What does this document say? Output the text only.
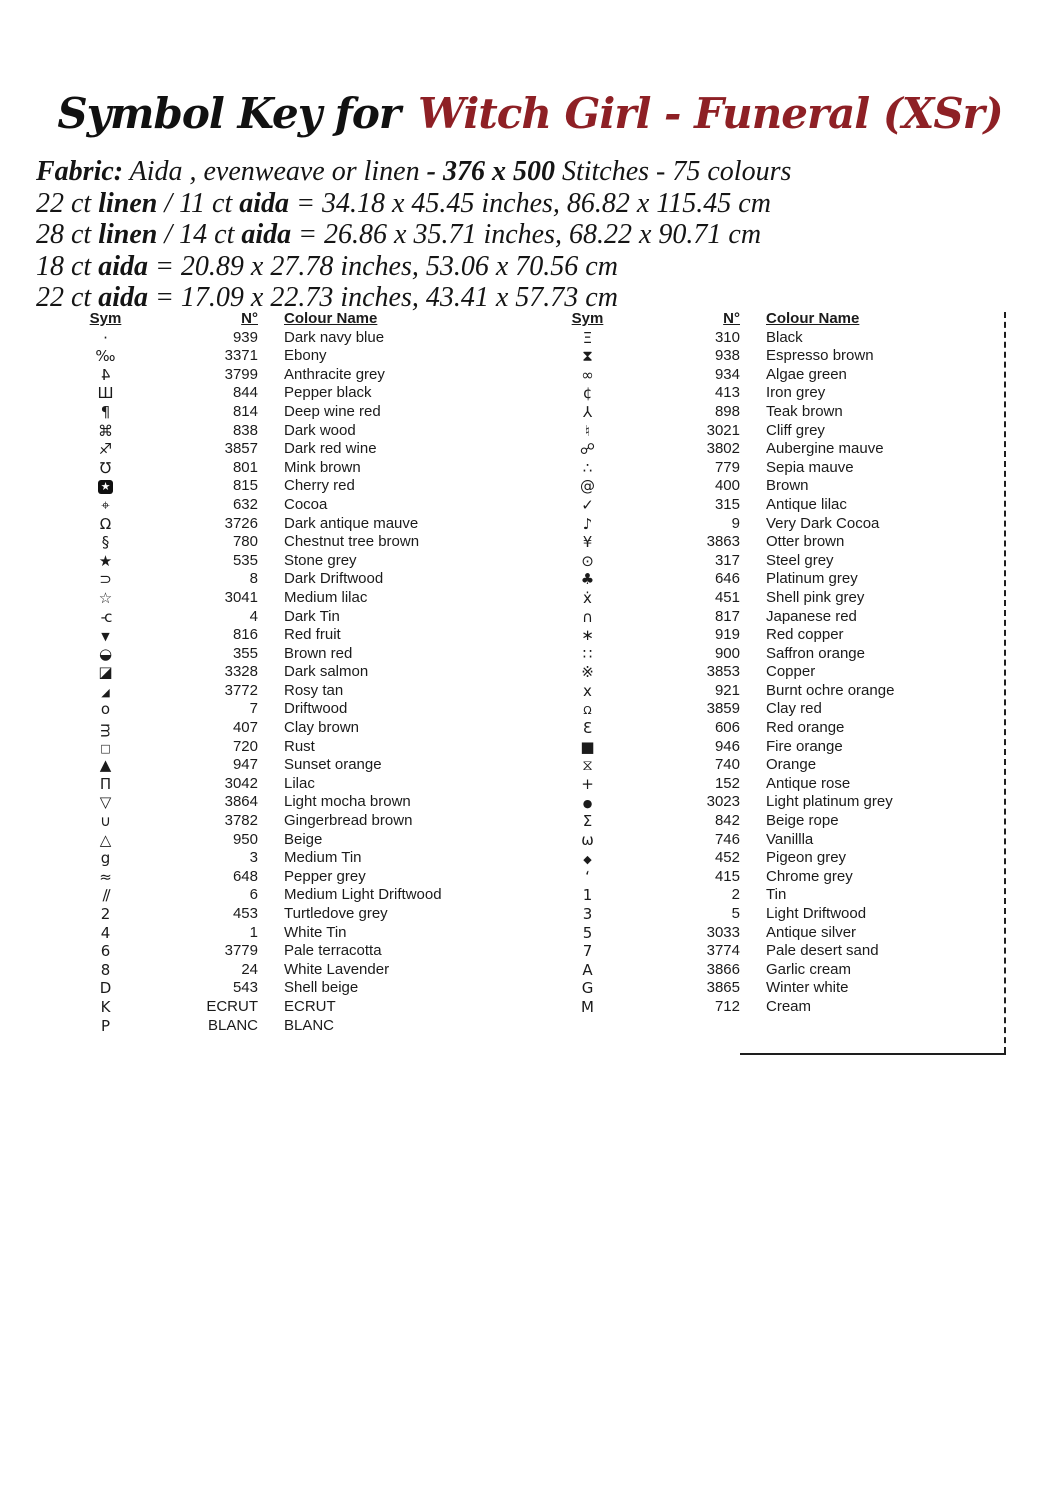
Symbol Key for Witch Girl - Funeral (XSr)
Fabric: Aida , evenweave or linen - 376 x 500 Stitches - 75 colours
22 ct linen / 11 ct aida = 34.18 x 45.45 inches, 86.82 x 115.45 cm
28 ct linen / 14 ct aida = 26.86 x 35.71 inches, 68.22 x 90.71 cm
18 ct aida = 20.89 x 27.78 inches, 53.06 x 70.56 cm
22 ct aida = 17.09 x 22.73 inches, 43.41 x 57.73 cm
Sym	N°	Colour Name
·	939	Dark navy blue
‰	3371	Ebony
4	3799	Anthracite grey
Ш	844	Pepper black
¶	814	Deep wine red
⌘	838	Dark wood
♐	3857	Dark red wine
℧	801	Mink brown
★	815	Cherry red
⌖	632	Cocoa
Ω	3726	Dark antique mauve
§	780	Chestnut tree brown
★	535	Stone grey
⊃	8	Dark Driftwood
☆	3041	Medium lilac
-c	4	Dark Tin
▼	816	Red fruit
◒	355	Brown red
◪	3328	Dark salmon
◢	3772	Rosy tan
o	7	Driftwood
ᴟ	407	Clay brown
□	720	Rust
▲	947	Sunset orange
Π	3042	Lilac
▽	3864	Light mocha brown
∪	3782	Gingerbread brown
△	950	Beige
g	3	Medium Tin
≈	648	Pepper grey
∕∕	6	Medium Light Driftwood
2	453	Turtledove grey
4	1	White Tin
6	3779	Pale terracotta
8	24	White Lavender
D	543	Shell beige
K	ECRUT	ECRUT
P	BLANC	BLANC
Sym	N°	Colour Name
Ξ	310	Black
⧗	938	Espresso brown
∞	934	Algae green
¢	413	Iron grey
⅄	898	Teak brown
♮	3021	Cliff grey
☍	3802	Aubergine mauve
∴	779	Sepia mauve
@	400	Brown
✓	315	Antique lilac
♪	9	Very Dark Cocoa
¥	3863	Otter brown
⊙	317	Steel grey
♣	646	Platinum grey
ẋ	451	Shell pink grey
∩	817	Japanese red
∗	919	Red copper
∷	900	Saffron orange
※	3853	Copper
x	921	Burnt ochre orange
Ω	3859	Clay red
Ɛ	606	Red orange
■	946	Fire orange
⧖	740	Orange
+	152	Antique rose
●	3023	Light platinum grey
Σ	842	Beige rope
ω	746	Vanillla
◆	452	Pigeon grey
ʻ	415	Chrome grey
1	2	Tin
3	5	Light Driftwood
5	3033	Antique silver
7	3774	Pale desert sand
A	3866	Garlic cream
G	3865	Winter white
M	712	Cream
